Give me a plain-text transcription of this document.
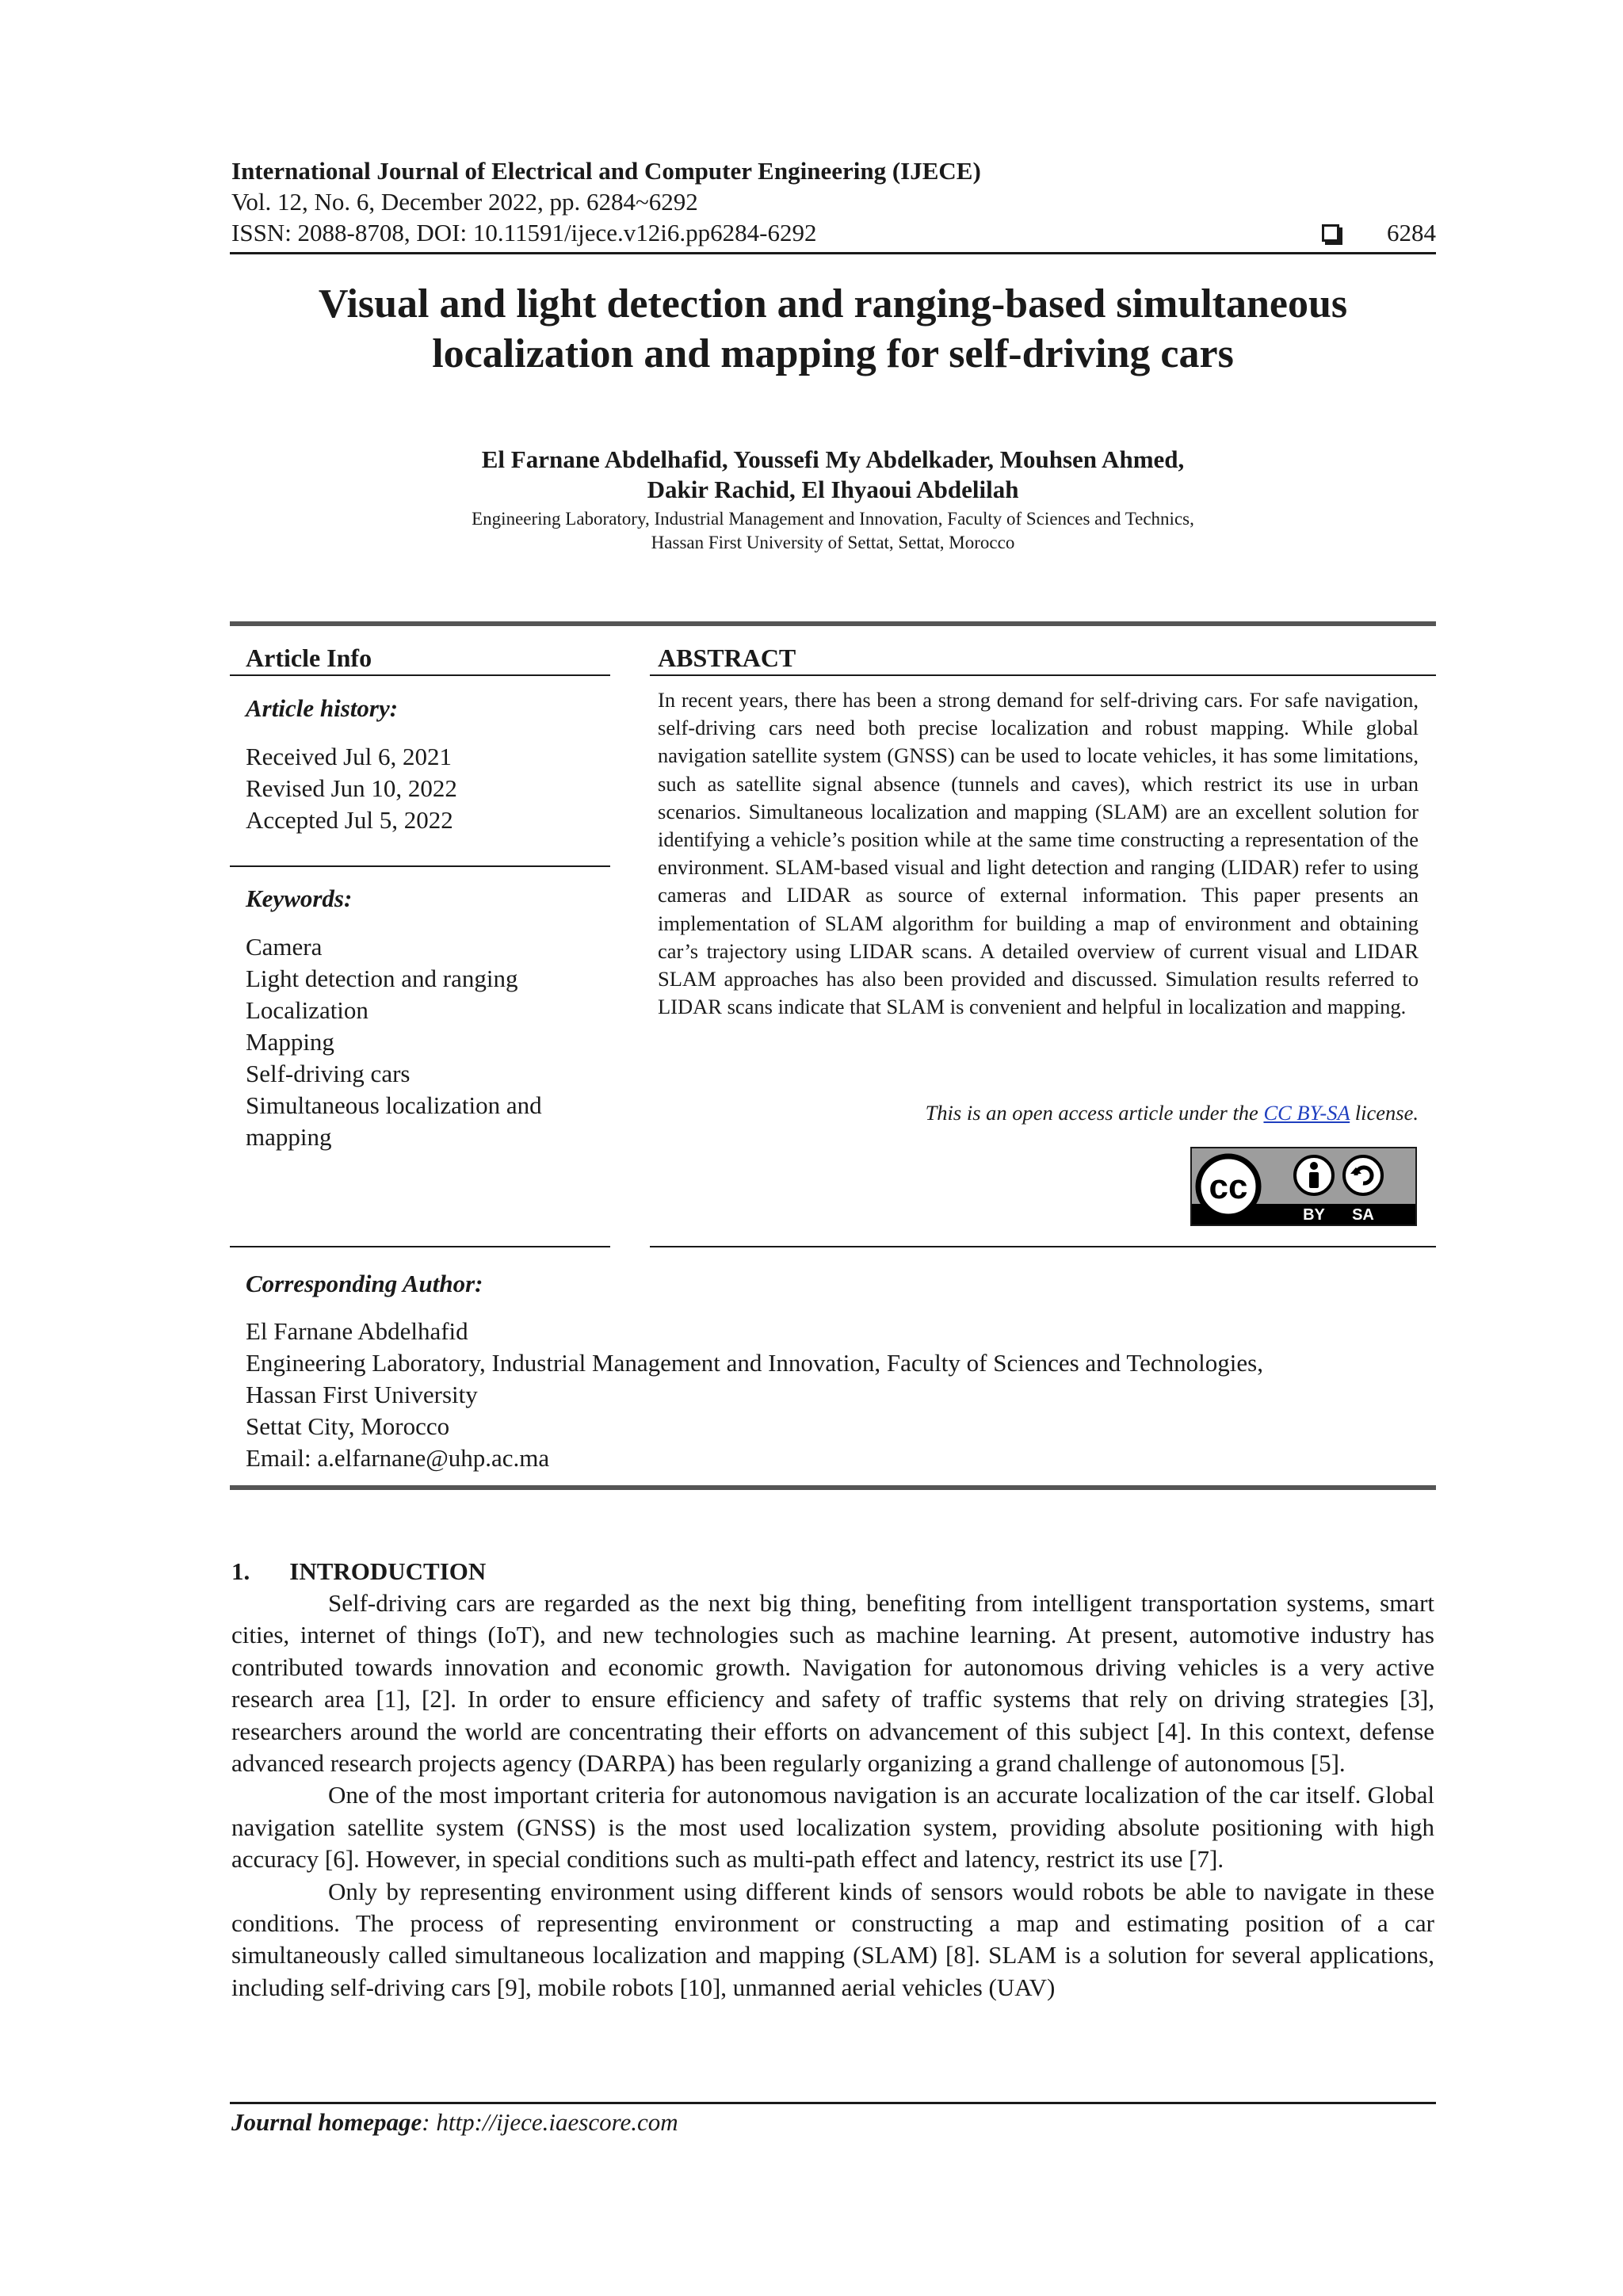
International Journal of Electrical and Computer Engineering (IJECE)
Vol. 12, No. 6, December 2022, pp. 6284~6292
ISSN: 2088-8708, DOI: 10.11591/ijece.v12i6.pp6284-6292	6284
Visual and light detection and ranging-based simultaneous
localization and mapping for self-driving cars
El Farnane Abdelhafid, Youssefi My Abdelkader, Mouhsen Ahmed,
Dakir Rachid, El Ihyaoui Abdelilah
Engineering Laboratory, Industrial Management and Innovation, Faculty of Sciences and Technics,
Hassan First University of Settat, Settat, Morocco
Article Info
Article history:
Received Jul 6, 2021
Revised Jun 10, 2022
Accepted Jul 5, 2022
Keywords:
Camera
Light detection and ranging
Localization
Mapping
Self-driving cars
Simultaneous localization and
mapping
ABSTRACT
In recent years, there has been a strong demand for self-driving cars. For safe navigation, self-driving cars need both precise localization and robust mapping. While global navigation satellite system (GNSS) can be used to locate vehicles, it has some limitations, such as satellite signal absence (tunnels and caves), which restrict its use in urban scenarios. Simultaneous localization and mapping (SLAM) are an excellent solution for identifying a vehicle’s position while at the same time constructing a representation of the environment. SLAM-based visual and light detection and ranging (LIDAR) refer to using cameras and LIDAR as source of external information. This paper presents an implementation of SLAM algorithm for building a map of environment and obtaining car’s trajectory using LIDAR scans. A detailed overview of current visual and LIDAR SLAM approaches has also been provided and discussed. Simulation results referred to LIDAR scans indicate that SLAM is convenient and helpful in localization and mapping.
This is an open access article under the CC BY-SA license.
cc
BY SA
Corresponding Author:
El Farnane Abdelhafid
Engineering Laboratory, Industrial Management and Innovation, Faculty of Sciences and Technologies,
Hassan First University
Settat City, Morocco
Email: a.elfarnane@uhp.ac.ma
1. INTRODUCTION
Self-driving cars are regarded as the next big thing, benefiting from intelligent transportation systems, smart cities, internet of things (IoT), and new technologies such as machine learning. At present, automotive industry has contributed towards innovation and economic growth. Navigation for autonomous driving vehicles is a very active research area [1], [2]. In order to ensure efficiency and safety of traffic systems that rely on driving strategies [3], researchers around the world are concentrating their efforts on advancement of this subject [4]. In this context, defense advanced research projects agency (DARPA) has been regularly organizing a grand challenge of autonomous [5].
One of the most important criteria for autonomous navigation is an accurate localization of the car itself. Global navigation satellite system (GNSS) is the most used localization system, providing absolute positioning with high accuracy [6]. However, in special conditions such as multi-path effect and latency, restrict its use [7].
Only by representing environment using different kinds of sensors would robots be able to navigate in these conditions. The process of representing environment or constructing a map and estimating position of a car simultaneously called simultaneous localization and mapping (SLAM) [8]. SLAM is a solution for several applications, including self-driving cars [9], mobile robots [10], unmanned aerial vehicles (UAV)
Journal homepage: http://ijece.iaescore.com
